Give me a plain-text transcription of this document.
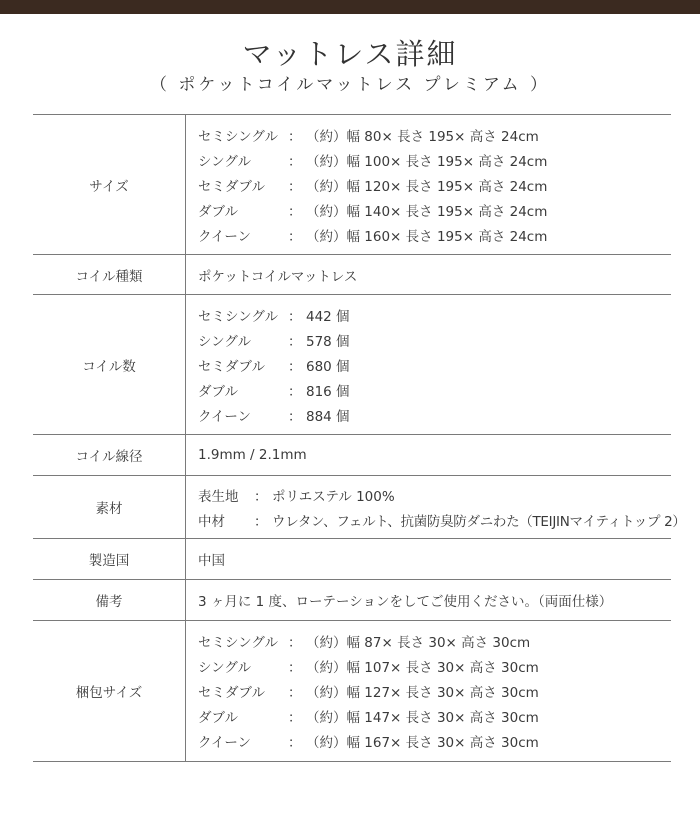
マットレス詳細
（ ポケットコイルマットレス プレミアム ）
サイズ
セミシングル ： （約）幅 80× 長さ 195× 高さ 24cm
シングル	： （約）幅 100× 長さ 195× 高さ 24cm
セミダブル	： （約）幅 120× 長さ 195× 高さ 24cm
ダブル	： （約）幅 140× 長さ 195× 高さ 24cm
クイーン	： （約）幅 160× 長さ 195× 高さ 24cm
コイル種類	ポケットコイルマットレス
コイル数
セミシングル ： 442 個
シングル	： 578 個
セミダブル	： 680 個
ダブル	： 816 個
クイーン	： 884 個
コイル線径	1.9mm / 2.1mm
素材
表生地	： ポリエステル 100%
中材	： ウレタン、フェルト、抗菌防臭防ダニわた（TEIJINマイティトップ 2）
製造国	中国
備考	3 ヶ月に 1 度、ローテーションをしてご使用ください。（両面仕様）
梱包サイズ
セミシングル ： （約）幅 87× 長さ 30× 高さ 30cm
シングル	： （約）幅 107× 長さ 30× 高さ 30cm
セミダブル	： （約）幅 127× 長さ 30× 高さ 30cm
ダブル	： （約）幅 147× 長さ 30× 高さ 30cm
クイーン	： （約）幅 167× 長さ 30× 高さ 30cm
